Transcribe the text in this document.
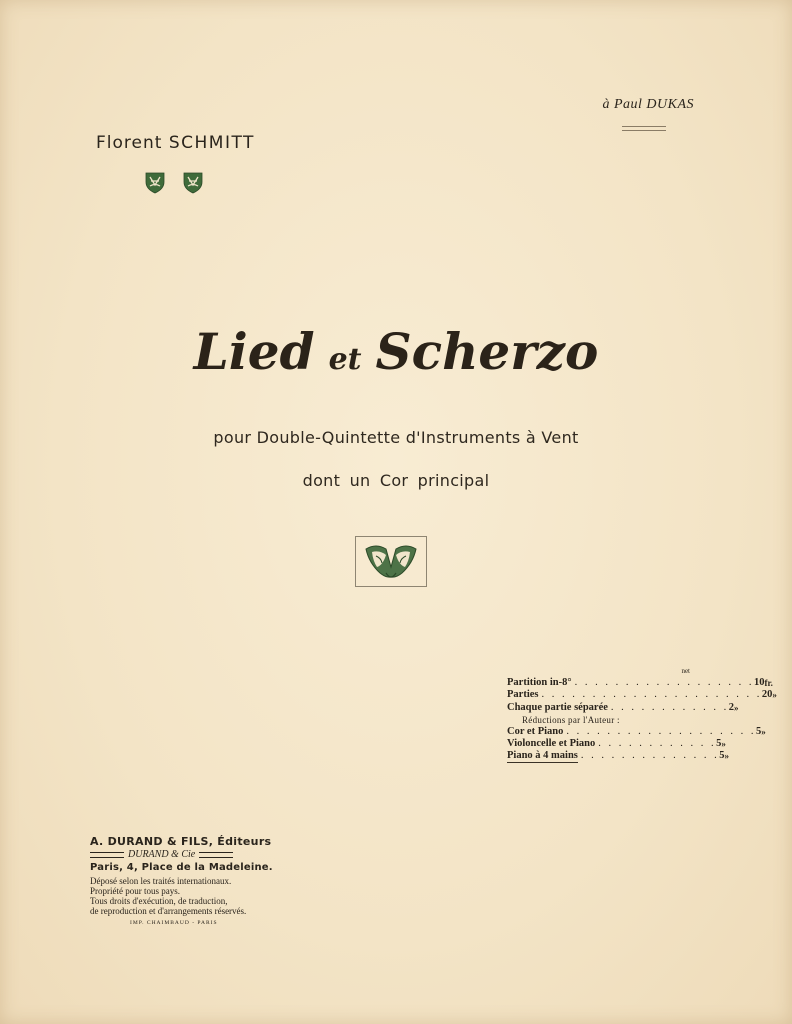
à Paul DUKAS
Florent SCHMITT
Lied et Scherzo
pour Double-Quintette d'Instruments à Vent
dont un Cor principal
net
Partition in-8° . . . . . . . . . . . . . . . . . . 10 fr.
Parties . . . . . . . . . . . . . . . . . . . . . . 20 »
Chaque partie séparée . . . . . . . . . . . . 2 »
Réductions par l'Auteur :
Cor et Piano . . . . . . . . . . . . . . . . . . . 5 »
Violoncelle et Piano . . . . . . . . . . . . 5 »
Piano à 4 mains . . . . . . . . . . . . . . 5 »
A. DURAND & FILS, Éditeurs
DURAND & Cie
Paris, 4, Place de la Madeleine.
Déposé selon les traités internationaux.
Propriété pour tous pays.
Tous droits d'exécution, de traduction,
de reproduction et d'arrangements réservés.
IMP. CHAIMBAUD - PARIS
